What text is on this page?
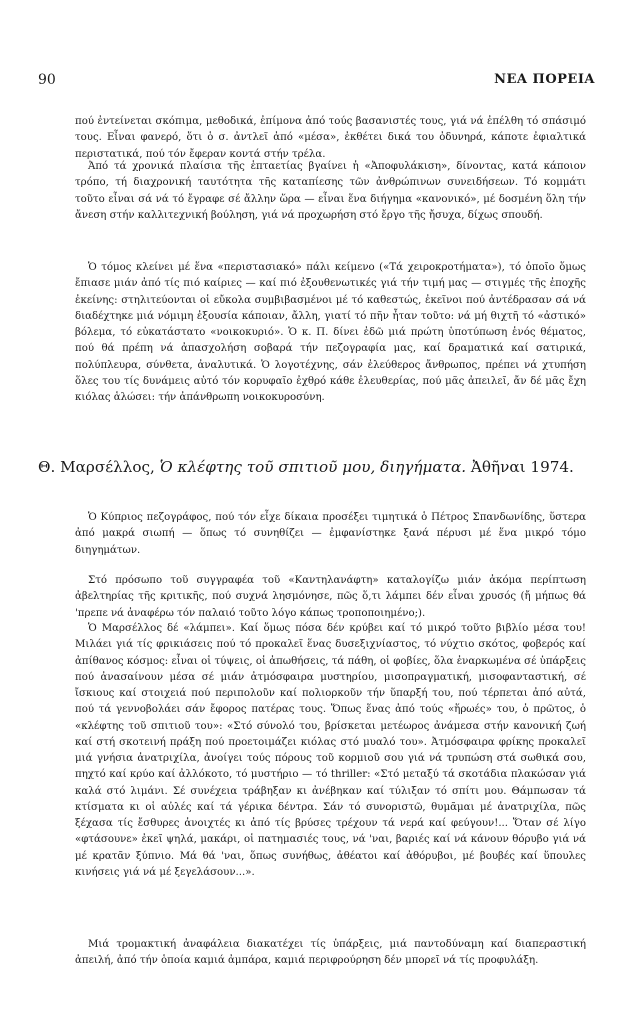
90	ΝΕΑ ΠΟΡΕΙΑ

πού ἐντείνεται σκόπιμα, μεθοδικά, ἐπίμονα ἀπό τούς βασανιστές τους, γιά νά ἐπέλθη τό σπάσιμό τους. Εἶναι φανερό, ὅτι ὁ σ. ἀντλεῖ ἀπό «μέσα», ἐκθέτει δικά του ὀδυνηρά, κάποτε ἐφιαλτικά περιστατικά, πού τόν ἔφεραν κοντά στήν τρέλα.

Ἀπό τά χρονικά πλαίσια τῆς ἑπταετίας βγαίνει ἡ «Ἀποφυλάκιση», δίνοντας, κατά κάποιον τρόπο, τή διαχρονική ταυτότητα τῆς καταπίεσης τῶν ἀνθρώπινων συνειδήσεων. Τό κομμάτι τοῦτο εἶναι σά νά τό ἔγραφε σέ ἄλλην ὥρα — εἶναι ἕνα διήγημα «κανονικό», μέ δοσμένη ὅλη τήν ἄνεση στήν καλλιτεχνική βούληση, γιά νά προχωρήση στό ἔργο τῆς ἤσυχα, δίχως σπουδή.

Ὁ τόμος κλείνει μέ ἕνα «περιστασιακό» πάλι κείμενο («Τά χειροκροτήματα»), τό ὁποῖο ὅμως ἔπιασε μιάν ἀπό τίς πιό καίριες — καί πιό ἐξουθενωτικές γιά τήν τιμή μας — στιγμές τῆς ἐποχῆς ἐκείνης: στηλιτεύονται οἱ εὔκολα συμβιβασμένοι μέ τό καθεστώς, ἐκεῖνοι πού ἀντέδρασαν σά νά διαδέχτηκε μιά νόμιμη ἐξουσία κάποιαν, ἄλλη, γιατί τό πῆν ἦταν τοῦτο: νά μή θιχτῆ τό «ἀστικό» βόλεμα, τό εὐκατάστατο «νοικοκυριό». Ὁ κ. Π. δίνει ἐδῶ μιά πρώτη ὑποτύπωση ἑνός θέματος, πού θά πρέπη νά ἀπασχολήση σοβαρά τήν πεζογραφία μας, καί δραματικά καί σατιρικά, πολύπλευρα, σύνθετα, ἀναλυτικά. Ὁ λογοτέχνης, σάν ἐλεύθερος ἄνθρωπος, πρέπει νά χτυπήση ὅλες του τίς δυνάμεις αὐτό τόν κορυφαῖο ἐχθρό κάθε ἐλευθερίας, πού μᾶς ἀπειλεῖ, ἄν δέ μᾶς ἔχη κιόλας ἁλώσει: τήν ἀπάνθρωπη νοικοκυροσύνη.

Θ. Μαρσέλλος, Ὁ κλέφτης τοῦ σπιτιοῦ μου, διηγήματα. Ἀθῆναι 1974.

Ὁ Κύπριος πεζογράφος, πού τόν εἶχε δίκαια προσέξει τιμητικά ὁ Πέτρος Σπανδωνίδης, ὕστερα ἀπό μακρά σιωπή — ὅπως τό συνηθίζει — ἐμφανίστηκε ξανά πέρυσι μέ ἕνα μικρό τόμο διηγημάτων.

Στό πρόσωπο τοῦ συγγραφέα τοῦ «Καντηλανάφτη» καταλογίζω μιάν ἀκόμα περίπτωση ἀβελτηρίας τῆς κριτικῆς, πού συχνά λησμόνησε, πῶς ὅ,τι λάμπει δέν εἶναι χρυσός (ἤ μήπως θά 'πρεπε νά ἀναφέρω τόν παλαιό τοῦτο λόγο κάπως τροποποιημένο;).

Ὁ Μαρσέλλος δέ «λάμπει». Καί ὅμως πόσα δέν κρύβει καί τό μικρό τοῦτο βιβλίο μέσα του! Μιλάει γιά τίς φρικιάσεις πού τό προκαλεῖ ἕνας δυσεξιχνίαστος, τό νύχτιο σκότος, φοβερός καί ἀπίθανος κόσμος: εἶναι οἱ τύψεις, οἱ ἀπωθήσεις, τά πάθη, οἱ φοβίες, ὅλα ἐναρκωμένα σέ ὑπάρξεις πού ἀνασαίνουν μέσα σέ μιάν ἀτμόσφαιρα μυστηρίου, μισοπραγματική, μισοφανταστική, σέ ἴσκιους καί στοιχειά πού περιπολοῦν καί πολιορκοῦν τήν ὕπαρξή του, πού τέρπεται ἀπό αὐτά, πού τά γεννοβολάει σάν ἔφορος πατέρας τους. Ὅπως ἕνας ἀπό τούς «ἥρωές» του, ὁ πρῶτος, ὁ «κλέφτης τοῦ σπιτιοῦ του»: «Στό σύνολό του, βρίσκεται μετέωρος ἀνάμεσα στήν κανονική ζωή καί στή σκοτεινή πράξη πού προετοιμάζει κιόλας στό μυαλό του». Ἀτμόσφαιρα φρίκης προκαλεῖ μιά γνήσια ἀνατριχίλα, ἀνοίγει τούς πόρους τοῦ κορμιοῦ σου γιά νά τρυπώση στά σωθικά σου, πηχτό καί κρύο καί ἀλλόκοτο, τό μυστήριο — τό thriller: «Στό μεταξύ τά σκοτάδια πλακώσαν γιά καλά στό λιμάνι. Σέ συνέχεια τράβηξαν κι ἀνέβηκαν καί τύλιξαν τό σπίτι μου. Θάμπωσαν τά κτίσματα κι οἱ αὐλές καί τά γέρικα δέντρα. Σάν τό συνοριστῶ, θυμᾶμαι μέ ἀνατριχίλα, πῶς ξέχασα τίς ἔσθυρες ἀνοιχτές κι ἀπό τίς βρύσες τρέχουν τά νερά καί φεύγουν!... Ὅταν σέ λίγο «φτάσουνε» ἐκεῖ ψηλά, μακάρι, οἱ πατημασιές τους, νά 'ναι, βαριές καί νά κάνουν θόρυβο γιά νά μέ κρατᾶν ξύπνιο. Μά θά 'ναι, ὅπως συνήθως, ἀθέατοι καί ἀθόρυβοι, μέ βουβές καί ὕπουλες κινήσεις γιά νά μέ ξεγελάσουν...».

Μιά τρομακτική ἀναφάλεια διακατέχει τίς ὑπάρξεις, μιά παντοδύναμη καί διαπεραστική ἀπειλή, ἀπό τήν ὁποία καμιά ἀμπάρα, καμιά περιφρούρηση δέν μπορεῖ νά τίς προφυλάξη.
